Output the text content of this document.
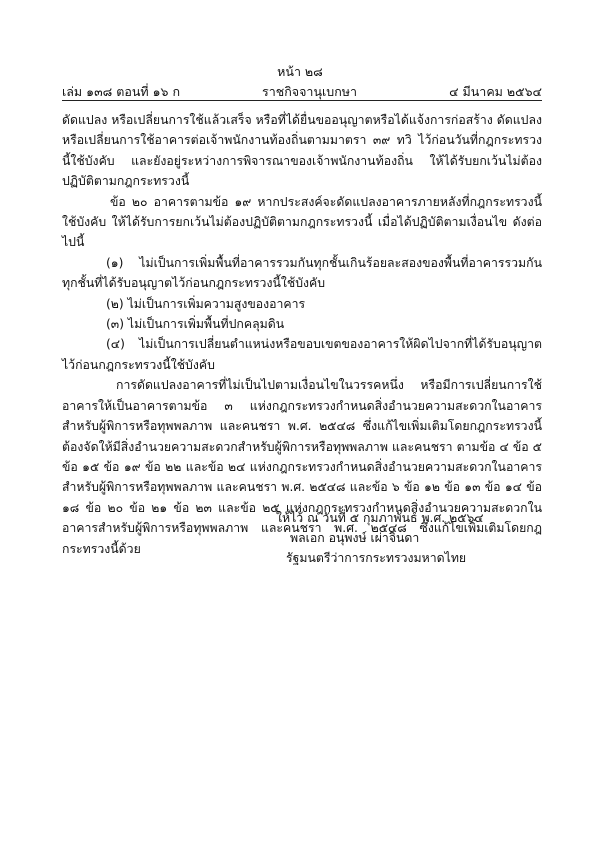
หน้า ๒๘
เล่ม ๑๓๘ ตอนที่ ๑๖ ก	ราชกิจจานุเบกษา	๔ มีนาคม ๒๕๖๔

ดัดแปลง หรือเปลี่ยนการใช้แล้วเสร็จ หรือที่ได้ยื่นขออนุญาตหรือได้แจ้งการก่อสร้าง ดัดแปลง หรือเปลี่ยนการใช้อาคารต่อเจ้าพนักงานท้องถิ่นตามมาตรา ๓๙ ทวิ ไว้ก่อนวันที่กฎกระทรวงนี้ใช้บังคับ และยังอยู่ระหว่างการพิจารณาของเจ้าพนักงานท้องถิ่น ให้ได้รับยกเว้นไม่ต้องปฏิบัติตามกฎกระทรวงนี้

ข้อ ๒๐ อาคารตามข้อ ๑๙ หากประสงค์จะดัดแปลงอาคารภายหลังที่กฎกระทรวงนี้ใช้บังคับ ให้ได้รับการยกเว้นไม่ต้องปฏิบัติตามกฎกระทรวงนี้ เมื่อได้ปฏิบัติตามเงื่อนไข ดังต่อไปนี้

(๑) ไม่เป็นการเพิ่มพื้นที่อาคารรวมกันทุกชั้นเกินร้อยละสองของพื้นที่อาคารรวมกันทุกชั้นที่ได้รับอนุญาตไว้ก่อนกฎกระทรวงนี้ใช้บังคับ

(๒) ไม่เป็นการเพิ่มความสูงของอาคาร

(๓) ไม่เป็นการเพิ่มพื้นที่ปกคลุมดิน

(๔) ไม่เป็นการเปลี่ยนตำแหน่งหรือขอบเขตของอาคารให้ผิดไปจากที่ได้รับอนุญาตไว้ก่อนกฎกระทรวงนี้ใช้บังคับ

การดัดแปลงอาคารที่ไม่เป็นไปตามเงื่อนไขในวรรคหนึ่ง หรือมีการเปลี่ยนการใช้อาคารให้เป็นอาคารตามข้อ ๓ แห่งกฎกระทรวงกำหนดสิ่งอำนวยความสะดวกในอาคารสำหรับผู้พิการหรือทุพพลภาพ และคนชรา พ.ศ. ๒๕๔๘ ซึ่งแก้ไขเพิ่มเติมโดยกฎกระทรวงนี้ ต้องจัดให้มีสิ่งอำนวยความสะดวกสำหรับผู้พิการหรือทุพพลภาพ และคนชรา ตามข้อ ๔ ข้อ ๕ ข้อ ๑๕ ข้อ ๑๙ ข้อ ๒๒ และข้อ ๒๔ แห่งกฎกระทรวงกำหนดสิ่งอำนวยความสะดวกในอาคารสำหรับผู้พิการหรือทุพพลภาพ และคนชรา พ.ศ. ๒๕๔๘ และข้อ ๖ ข้อ ๑๒ ข้อ ๑๓ ข้อ ๑๔ ข้อ ๑๘ ข้อ ๒๐ ข้อ ๒๑ ข้อ ๒๓ และข้อ ๒๕ แห่งกฎกระทรวงกำหนดสิ่งอำนวยความสะดวกในอาคารสำหรับผู้พิการหรือทุพพลภาพ และคนชรา พ.ศ. ๒๕๔๘ ซึ่งแก้ไขเพิ่มเติมโดยกฎกระทรวงนี้ด้วย

ให้ไว้ ณ วันที่ ๕ กุมภาพันธ์ พ.ศ. ๒๕๖๔
พลเอก อนุพงษ์ เผ่าจินดา
รัฐมนตรีว่าการกระทรวงมหาดไทย
